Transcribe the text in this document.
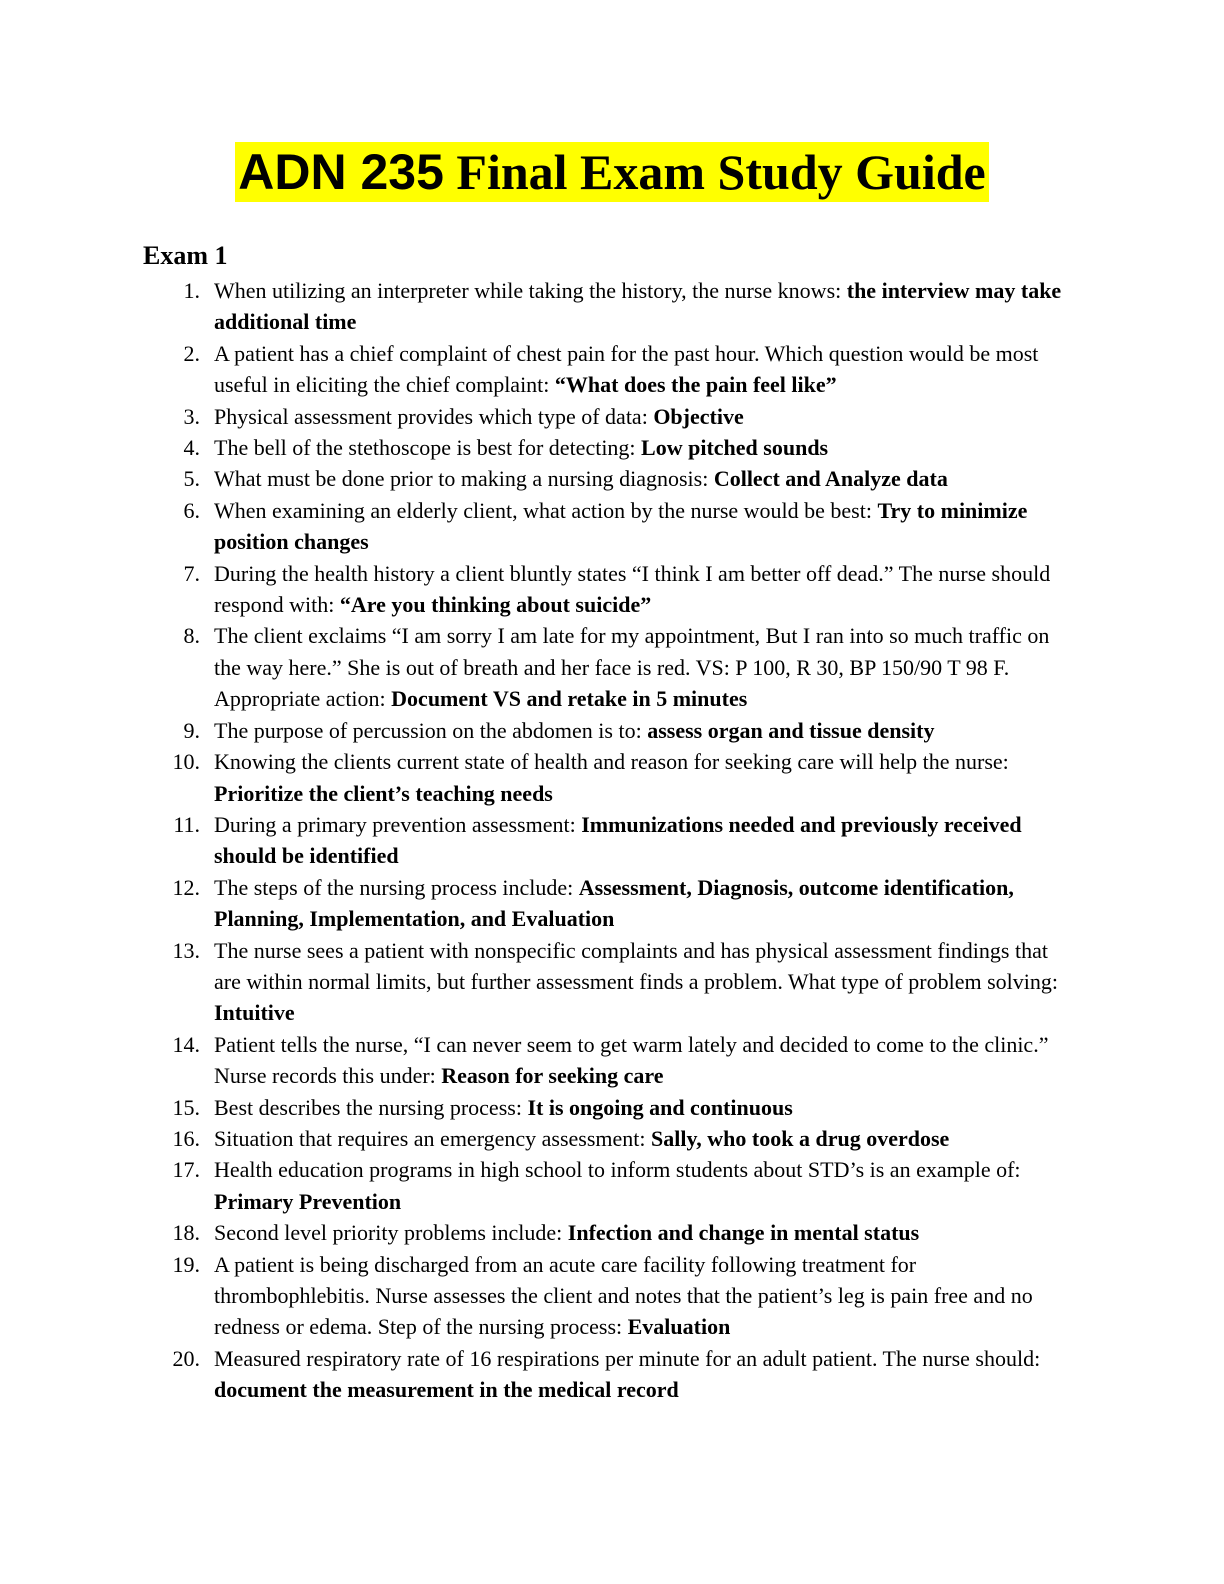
ADN 235 Final Exam Study Guide
Exam 1
1. When utilizing an interpreter while taking the history, the nurse knows: the interview may take additional time
2. A patient has a chief complaint of chest pain for the past hour. Which question would be most useful in eliciting the chief complaint: “What does the pain feel like”
3. Physical assessment provides which type of data: Objective
4. The bell of the stethoscope is best for detecting: Low pitched sounds
5. What must be done prior to making a nursing diagnosis: Collect and Analyze data
6. When examining an elderly client, what action by the nurse would be best: Try to minimize position changes
7. During the health history a client bluntly states “I think I am better off dead.” The nurse should respond with: “Are you thinking about suicide”
8. The client exclaims “I am sorry I am late for my appointment, But I ran into so much traffic on the way here.” She is out of breath and her face is red. VS: P 100, R 30, BP 150/90 T 98 F. Appropriate action: Document VS and retake in 5 minutes
9. The purpose of percussion on the abdomen is to: assess organ and tissue density
10. Knowing the clients current state of health and reason for seeking care will help the nurse: Prioritize the client’s teaching needs
11. During a primary prevention assessment: Immunizations needed and previously received should be identified
12. The steps of the nursing process include: Assessment, Diagnosis, outcome identification, Planning, Implementation, and Evaluation
13. The nurse sees a patient with nonspecific complaints and has physical assessment findings that are within normal limits, but further assessment finds a problem. What type of problem solving: Intuitive
14. Patient tells the nurse, “I can never seem to get warm lately and decided to come to the clinic.” Nurse records this under: Reason for seeking care
15. Best describes the nursing process: It is ongoing and continuous
16. Situation that requires an emergency assessment: Sally, who took a drug overdose
17. Health education programs in high school to inform students about STD’s is an example of: Primary Prevention
18. Second level priority problems include: Infection and change in mental status
19. A patient is being discharged from an acute care facility following treatment for thrombophlebitis. Nurse assesses the client and notes that the patient’s leg is pain free and no redness or edema. Step of the nursing process: Evaluation
20. Measured respiratory rate of 16 respirations per minute for an adult patient. The nurse should: document the measurement in the medical record
